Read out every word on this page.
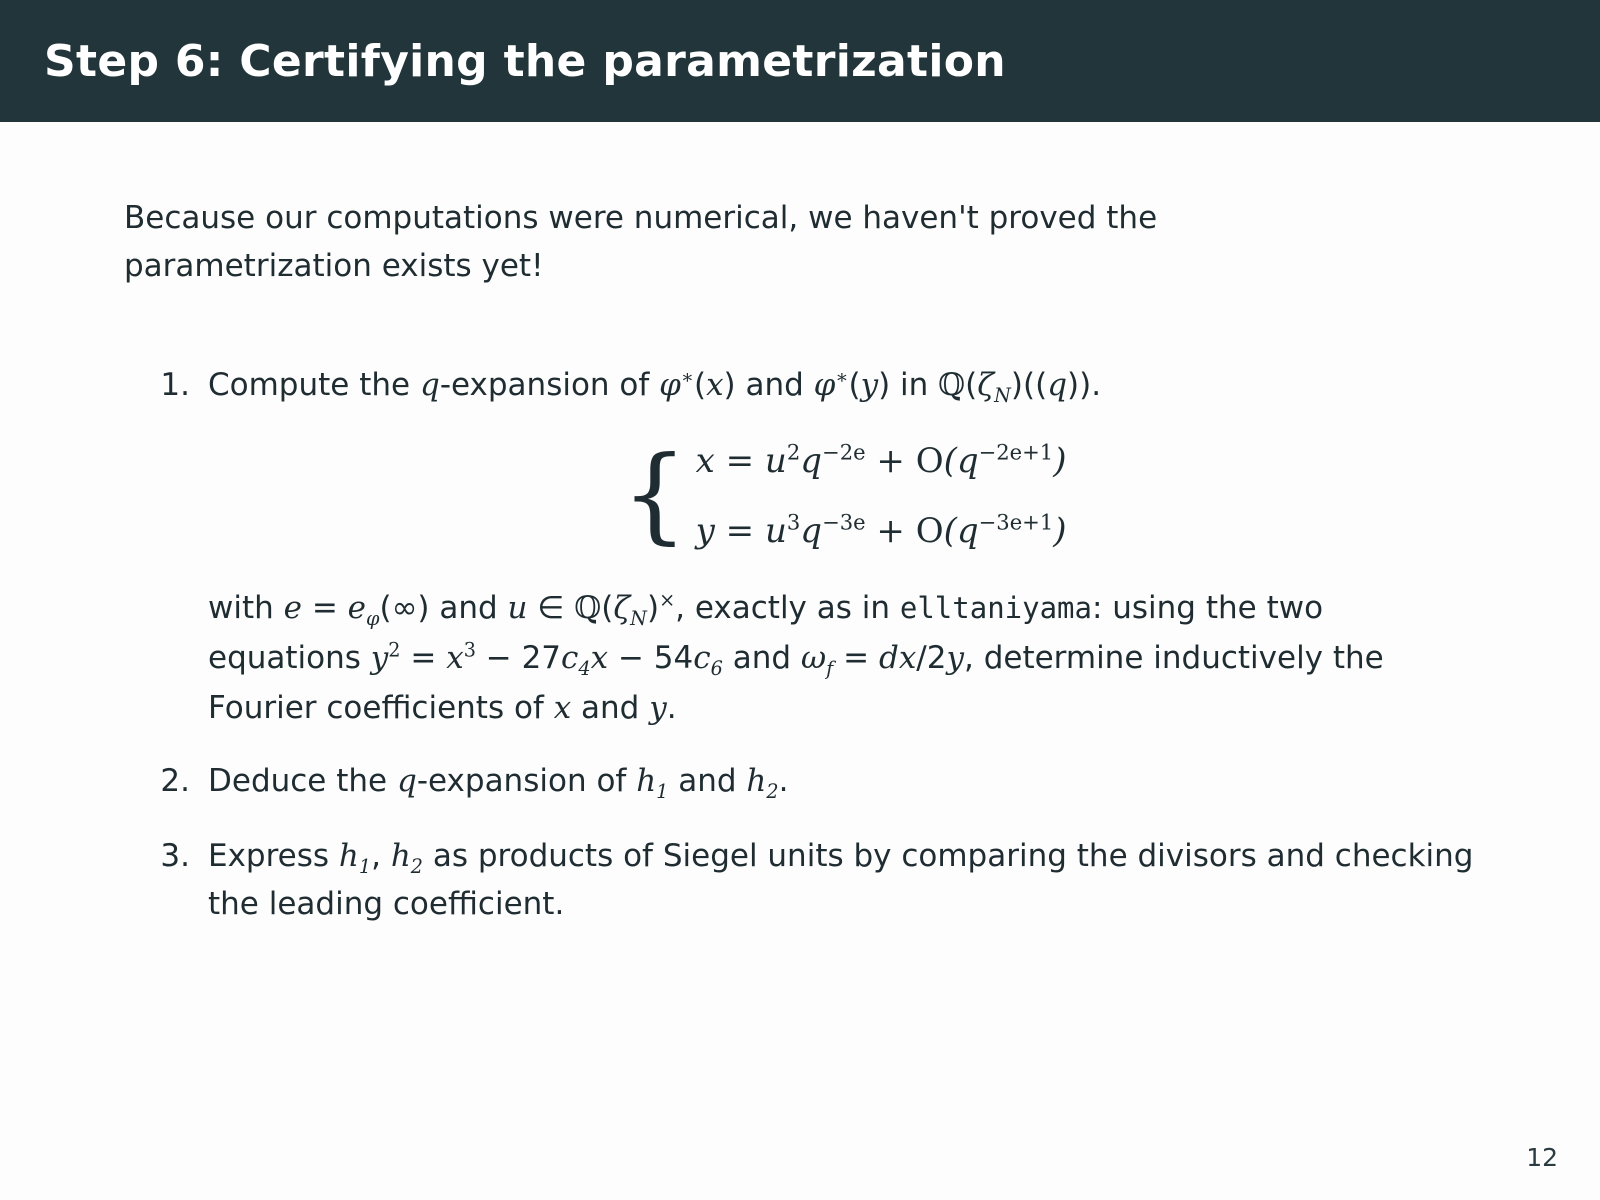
Step 6: Certifying the parametrization
Because our computations were numerical, we haven't proved the parametrization exists yet!
1. Compute the q-expansion of φ∗(x) and φ∗(y) in $ℚ(\zeta_N)((q))$.
{ $x = u^2q^{-2e} + O(q^{-2e+1})$
$y = u^3q^{-3e} + O(q^{-3e+1})$
with $e = e_\varphi(\infty)$ and u ∈ $ℚ(\zeta_N)^\times$, exactly as in elltaniyama: using the two equations $y^2 = x^3 - 27c_4x - 54c_6$ and $\omega_f = dx/2y$, determine inductively the Fourier coefficients of x and y.
2. Deduce the q-expansion of $h_1$ and $h_2$.
3. Express $h_1$, $h_2$ as products of Siegel units by comparing the divisors and checking the leading coefficient.
12
